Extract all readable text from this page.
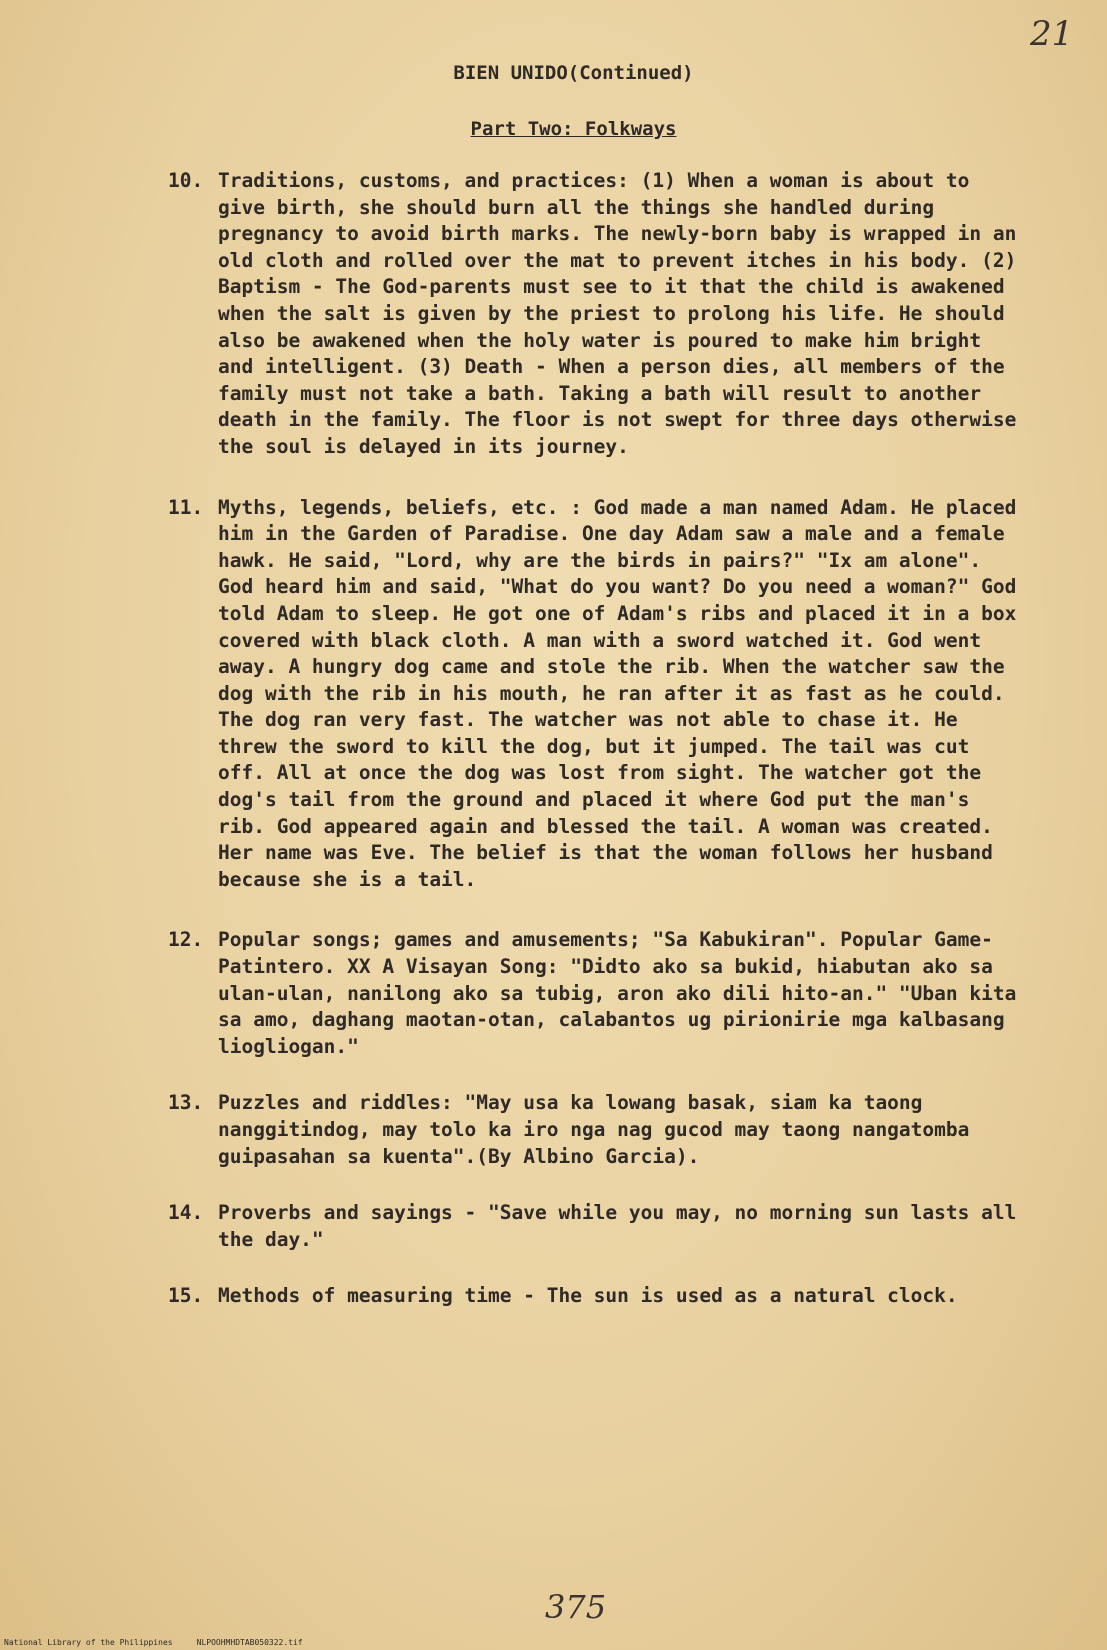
21
BIEN UNIDO(Continued)
Part Two: Folkways
10. Traditions, customs, and practices: (1) When a woman is about to give birth, she should burn all the things she handled during pregnancy to avoid birth marks. The newly-born baby is wrapped in an old cloth and rolled over the mat to prevent itches in his body. (2) Baptism - The God-parents must see to it that the child is awakened when the salt is given by the priest to prolong his life. He should also be awakened when the holy water is poured to make him bright and intelligent. (3) Death - When a person dies, all members of the family must not take a bath. Taking a bath will result to another death in the family. The floor is not swept for three days otherwise the soul is delayed in its journey.
11. Myths, legends, beliefs, etc. : God made a man named Adam. He placed him in the Garden of Paradise. One day Adam saw a male and a female hawk. He said, "Lord, why are the birds in pairs?" "Ix am alone". God heard him and said, "What do you want? Do you need a woman?" God told Adam to sleep. He got one of Adam's ribs and placed it in a box covered with black cloth. A man with a sword watched it. God went away. A hungry dog came and stole the rib. When the watcher saw the dog with the rib in his mouth, he ran after it as fast as he could. The dog ran very fast. The watcher was not able to chase it. He threw the sword to kill the dog, but it jumped. The tail was cut off. All at once the dog was lost from sight. The watcher got the dog's tail from the ground and placed it where God put the man's rib. God appeared again and blessed the tail. A woman was created. Her name was Eve. The belief is that the woman follows her husband because she is a tail.
12. Popular songs; games and amusements; "Sa Kabukiran". Popular Game- Patintero. XX A Visayan Song: "Didto ako sa bukid, hiabutan ako sa ulan-ulan, nanilong ako sa tubig, aron ako dili hito-an." "Uban kita sa amo, daghang maotan-otan, calabantos ug pirionirie mga kalbasang liogliogan."
13. Puzzles and riddles: "May usa ka lowang basak, siam ka taong nanggitindog, may tolo ka iro nga nag gucod may taong nangatomba guipasahan sa kuenta".(By Albino Garcia).
14. Proverbs and sayings - "Save while you may, no morning sun lasts all the day."
15. Methods of measuring time - The sun is used as a natural clock.
375
National Library of the Philippines     NLPOOHMHDTAB050322.tif
